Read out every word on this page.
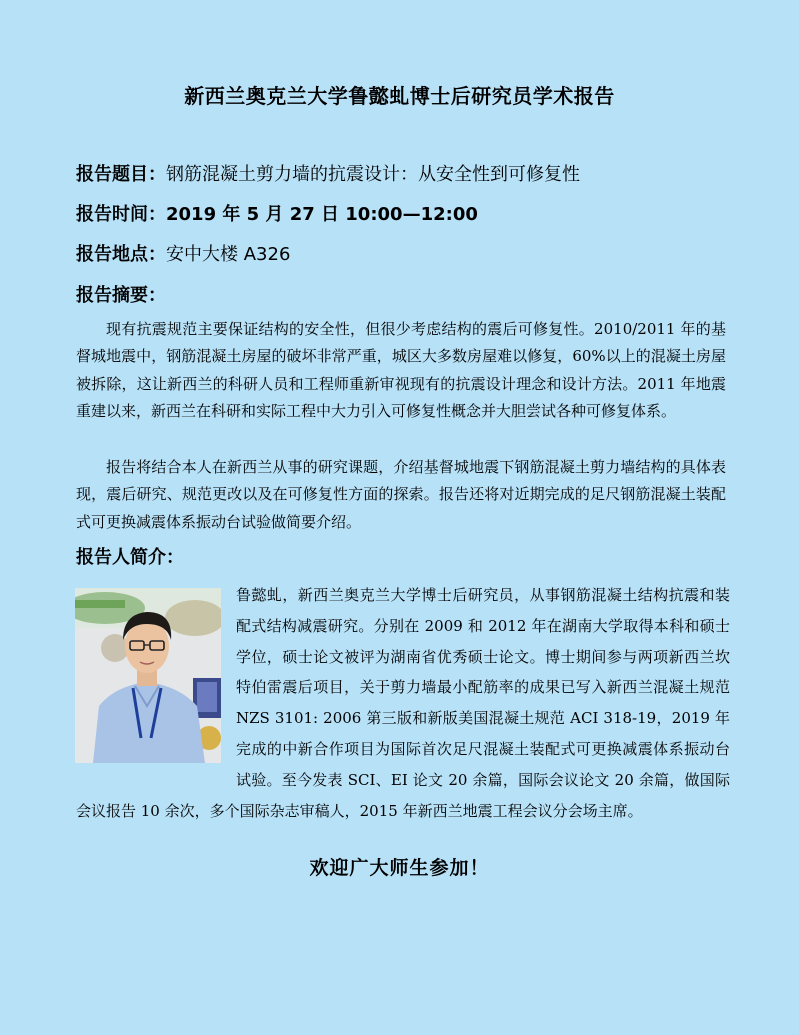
新西兰奥克兰大学鲁懿虬博士后研究员学术报告
报告题目：钢筋混凝土剪力墙的抗震设计：从安全性到可修复性
报告时间：2019 年 5 月 27 日 10:00—12:00
报告地点：安中大楼 A326
报告摘要：

现有抗震规范主要保证结构的安全性，但很少考虑结构的震后可修复性。2010/2011 年的基督城地震中，钢筋混凝土房屋的破坏非常严重，城区大多数房屋难以修复，60%以上的混凝土房屋被拆除，这让新西兰的科研人员和工程师重新审视现有的抗震设计理念和设计方法。2011 年地震重建以来，新西兰在科研和实际工程中大力引入可修复性概念并大胆尝试各种可修复体系。

报告将结合本人在新西兰从事的研究课题，介绍基督城地震下钢筋混凝土剪力墙结构的具体表现，震后研究、规范更改以及在可修复性方面的探索。报告还将对近期完成的足尺钢筋混凝土装配式可更换减震体系振动台试验做简要介绍。

报告人简介：

鲁懿虬，新西兰奥克兰大学博士后研究员，从事钢筋混凝土结构抗震和装配式结构减震研究。分别在 2009 和 2012 年在湖南大学取得本科和硕士学位，硕士论文被评为湖南省优秀硕士论文。博士期间参与两项新西兰坎特伯雷震后项目，关于剪力墙最小配筋率的成果已写入新西兰混凝土规范 NZS 3101: 2006 第三版和新版美国混凝土规范 ACI 318-19，2019 年完成的中新合作项目为国际首次足尺混凝土装配式可更换减震体系振动台试验。至今发表 SCI、EI 论文 20 余篇，国际会议论文 20 余篇，做国际会议报告 10 余次，多个国际杂志审稿人，2015 年新西兰地震工程会议分会场主席。

欢迎广大师生参加！
